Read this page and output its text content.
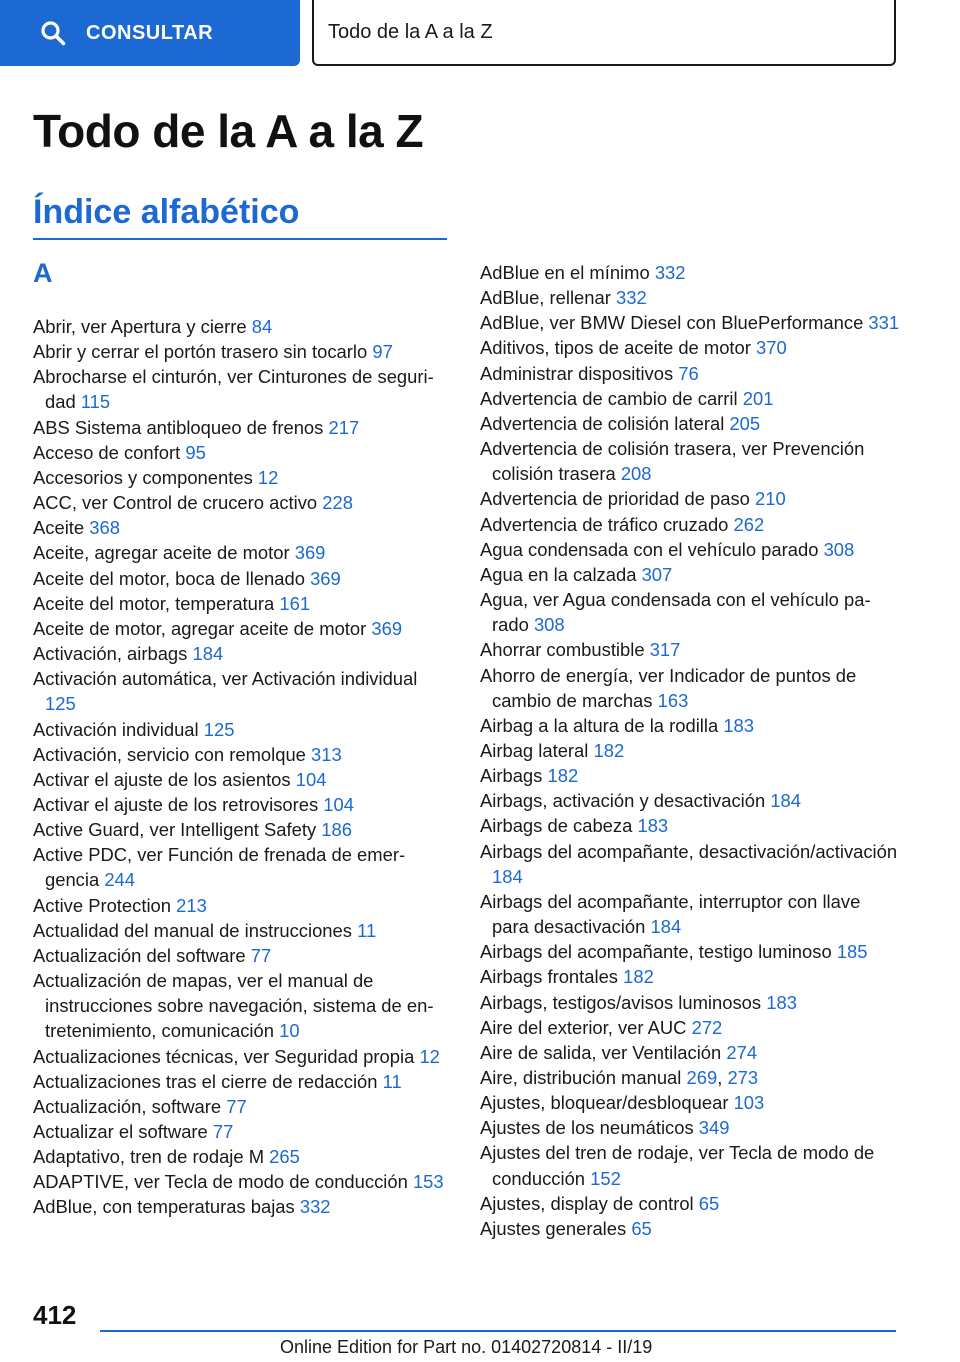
CONSULTAR	Todo de la A a la Z
Todo de la A a la Z
Índice alfabético
A
Abrir, ver Apertura y cierre 84
Abrir y cerrar el portón trasero sin tocarlo 97
Abrocharse el cinturón, ver Cinturones de seguridad 115
ABS Sistema antibloqueo de frenos 217
Acceso de confort 95
Accesorios y componentes 12
ACC, ver Control de crucero activo 228
Aceite 368
Aceite, agregar aceite de motor 369
Aceite del motor, boca de llenado 369
Aceite del motor, temperatura 161
Aceite de motor, agregar aceite de motor 369
Activación, airbags 184
Activación automática, ver Activación individual 125
Activación individual 125
Activación, servicio con remolque 313
Activar el ajuste de los asientos 104
Activar el ajuste de los retrovisores 104
Active Guard, ver Intelligent Safety 186
Active PDC, ver Función de frenada de emergencia 244
Active Protection 213
Actualidad del manual de instrucciones 11
Actualización del software 77
Actualización de mapas, ver el manual de instrucciones sobre navegación, sistema de entretenimiento, comunicación 10
Actualizaciones técnicas, ver Seguridad propia 12
Actualizaciones tras el cierre de redacción 11
Actualización, software 77
Actualizar el software 77
Adaptativo, tren de rodaje M 265
ADAPTIVE, ver Tecla de modo de conducción 153
AdBlue, con temperaturas bajas 332
AdBlue en el mínimo 332
AdBlue, rellenar 332
AdBlue, ver BMW Diesel con BluePerformance 331
Aditivos, tipos de aceite de motor 370
Administrar dispositivos 76
Advertencia de cambio de carril 201
Advertencia de colisión lateral 205
Advertencia de colisión trasera, ver Prevención colisión trasera 208
Advertencia de prioridad de paso 210
Advertencia de tráfico cruzado 262
Agua condensada con el vehículo parado 308
Agua en la calzada 307
Agua, ver Agua condensada con el vehículo parado 308
Ahorrar combustible 317
Ahorro de energía, ver Indicador de puntos de cambio de marchas 163
Airbag a la altura de la rodilla 183
Airbag lateral 182
Airbags 182
Airbags, activación y desactivación 184
Airbags de cabeza 183
Airbags del acompañante, desactivación/activación 184
Airbags del acompañante, interruptor con llave para desactivación 184
Airbags del acompañante, testigo luminoso 185
Airbags frontales 182
Airbags, testigos/avisos luminosos 183
Aire del exterior, ver AUC 272
Aire de salida, ver Ventilación 274
Aire, distribución manual 269, 273
Ajustes, bloquear/desbloquear 103
Ajustes de los neumáticos 349
Ajustes del tren de rodaje, ver Tecla de modo de conducción 152
Ajustes, display de control 65
Ajustes generales 65
412
Online Edition for Part no. 01402720814 - II/19
